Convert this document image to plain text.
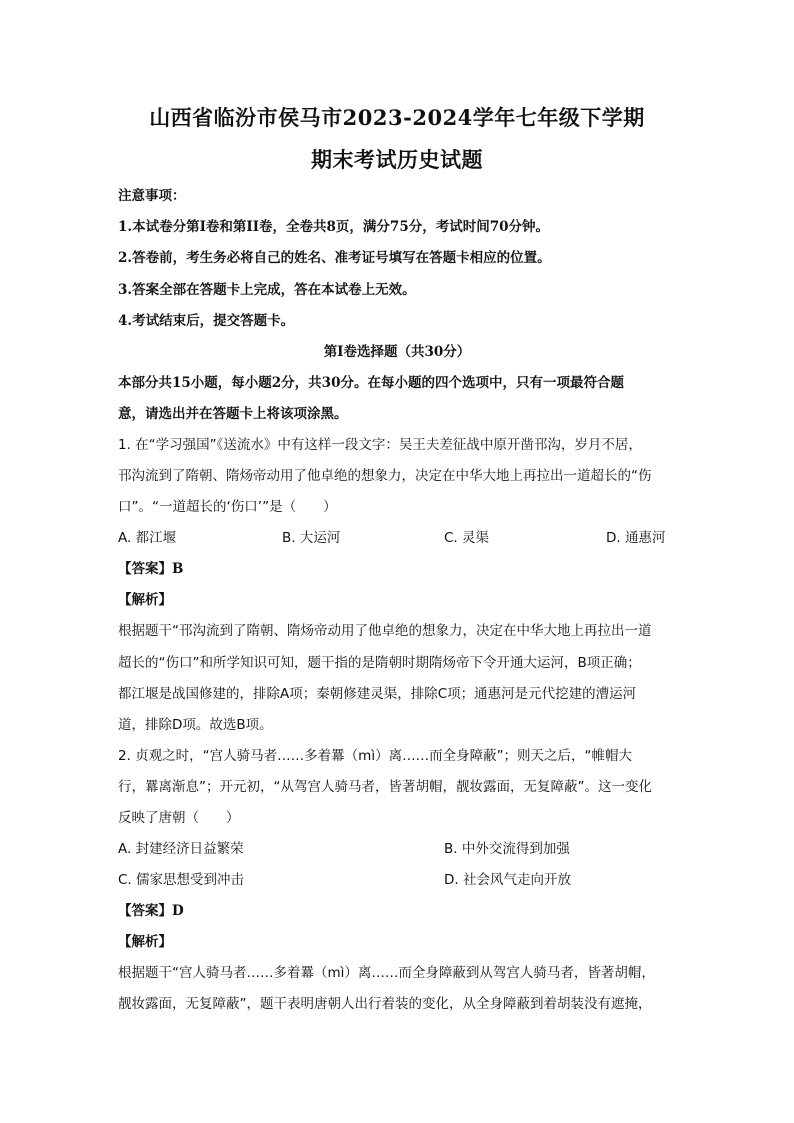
山西省临汾市侯马市2023-2024学年七年级下学期
期末考试历史试题
注意事项：
1.本试卷分第I卷和第II卷，全卷共8页，满分75分，考试时间70分钟。
2.答卷前，考生务必将自己的姓名、准考证号填写在答题卡相应的位置。
3.答案全部在答题卡上完成，答在本试卷上无效。
4.考试结束后，提交答题卡。
第I卷选择题（共30分）
本部分共15小题，每小题2分，共30分。在每小题的四个选项中，只有一项最符合题
意，请选出并在答题卡上将该项涂黑。
1. 在“学习强国”《送流水》中有这样一段文字：吴王夫差征战中原开凿邗沟，岁月不居，
邗沟流到了隋朝、隋炀帝动用了他卓绝的想象力，决定在中华大地上再拉出一道超长的“伤
口”。“一道超长的‘伤口’”是（　　）
A. 都江堰	B. 大运河	C. 灵渠	D. 通惠河
【答案】B
【解析】
根据题干“邗沟流到了隋朝、隋炀帝动用了他卓绝的想象力，决定在中华大地上再拉出一道
超长的“伤口”和所学知识可知，题干指的是隋朝时期隋炀帝下令开通大运河，B项正确；
都江堰是战国修建的，排除A项；秦朝修建灵渠，排除C项；通惠河是元代挖建的漕运河
道，排除D项。故选B项。
2. 贞观之时，“宫人骑马者……多着羃（mì）离……而全身障蔽”；则天之后，“帷帽大
行，羃离渐息”；开元初，“从驾宫人骑马者，皆著胡帽，靓妆露面，无复障蔽”。这一变化
反映了唐朝（　　）
A. 封建经济日益繁荣	B. 中外交流得到加强
C. 儒家思想受到冲击	D. 社会风气走向开放
【答案】D
【解析】
根据题干“宫人骑马者……多着羃（mì）离……而全身障蔽到从驾宫人骑马者，皆著胡帽，
靓妆露面，无复障蔽”，题干表明唐朝人出行着装的变化，从全身障蔽到着胡装没有遮掩，
